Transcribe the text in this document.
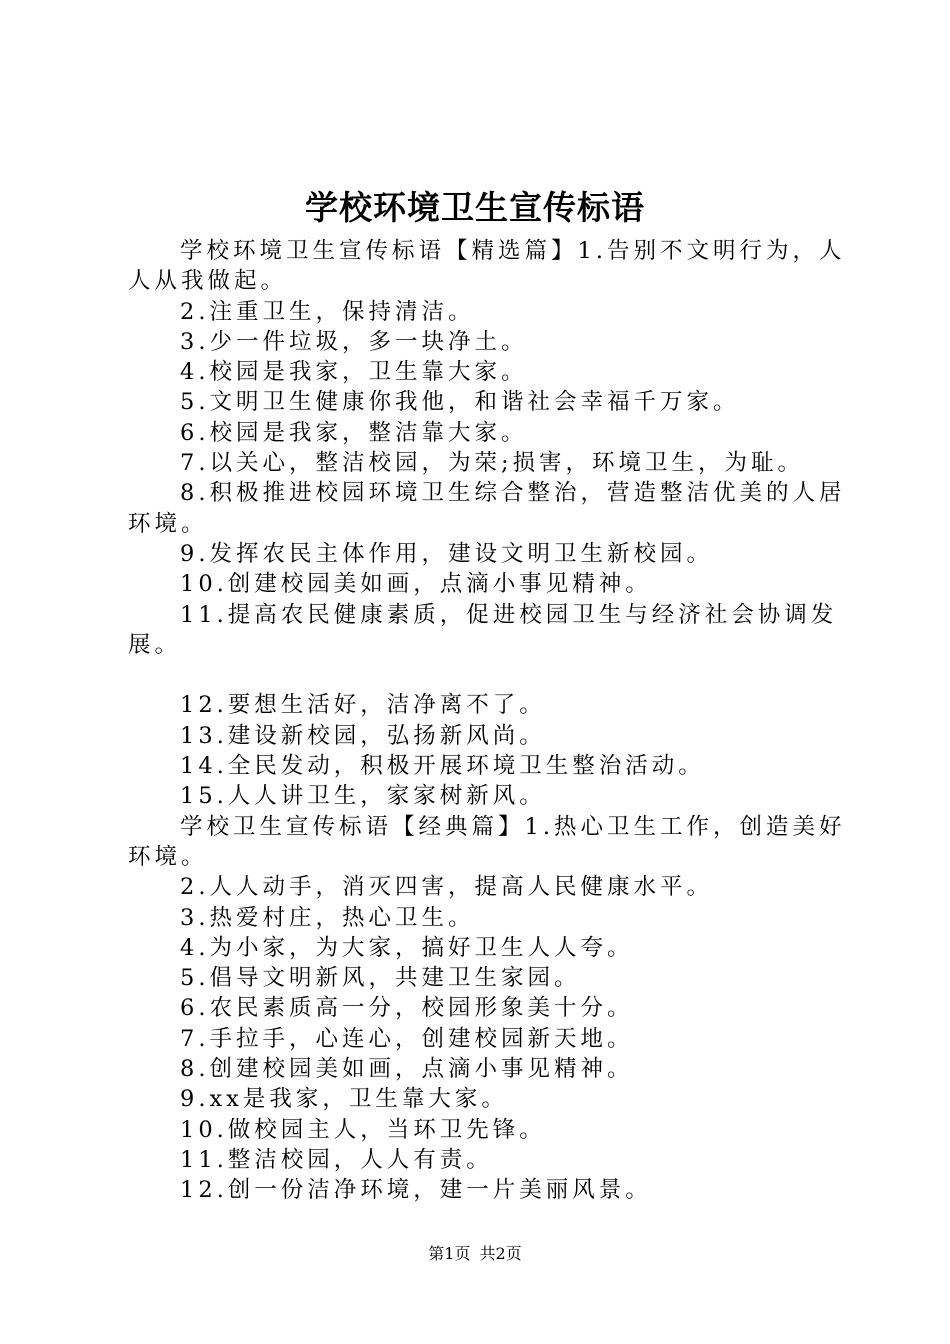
学校环境卫生宣传标语

学校环境卫生宣传标语【精选篇】1.告别不文明行为，人人从我做起。

2.注重卫生，保持清洁。

3.少一件垃圾，多一块净土。

4.校园是我家，卫生靠大家。

5.文明卫生健康你我他，和谐社会幸福千万家。

6.校园是我家，整洁靠大家。

7.以关心，整洁校园，为荣;损害，环境卫生，为耻。

8.积极推进校园环境卫生综合整治，营造整洁优美的人居环境。

9.发挥农民主体作用，建设文明卫生新校园。

10.创建校园美如画，点滴小事见精神。

11.提高农民健康素质，促进校园卫生与经济社会协调发展。

12.要想生活好，洁净离不了。

13.建设新校园，弘扬新风尚。

14.全民发动，积极开展环境卫生整治活动。

15.人人讲卫生，家家树新风。

学校卫生宣传标语【经典篇】1.热心卫生工作，创造美好环境。

2.人人动手，消灭四害，提高人民健康水平。

3.热爱村庄，热心卫生。

4.为小家，为大家，搞好卫生人人夸。

5.倡导文明新风，共建卫生家园。

6.农民素质高一分，校园形象美十分。

7.手拉手，心连心，创建校园新天地。

8.创建校园美如画，点滴小事见精神。

9.xx是我家，卫生靠大家。

10.做校园主人，当环卫先锋。

11.整洁校园，人人有责。

12.创一份洁净环境，建一片美丽风景。

第1页 共2页
